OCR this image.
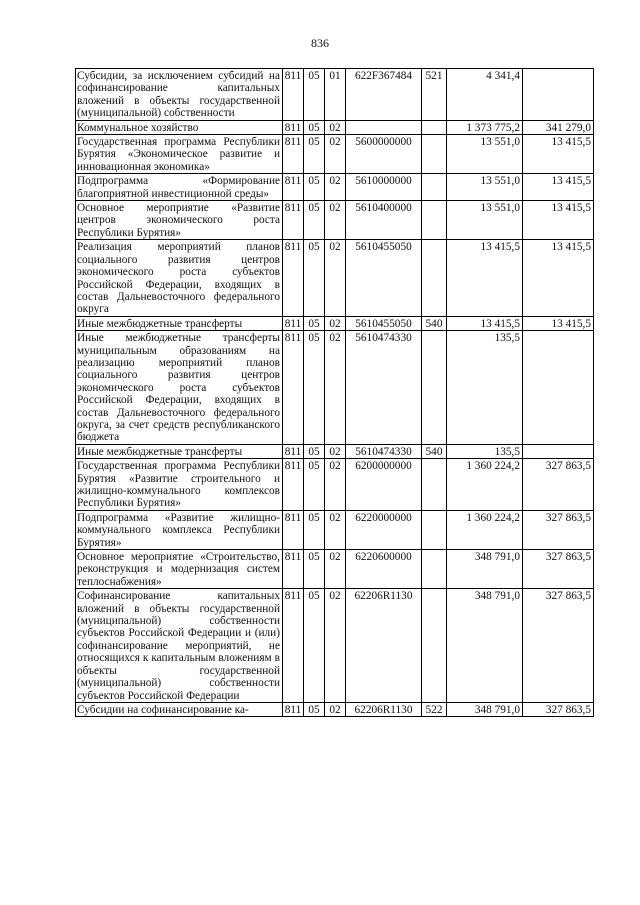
836
Субсидии, за исключением субсидий на софинансирование капитальных вложений в объекты государственной (муниципальной) собственности	811	05	01	622F367484	521	4 341,4	
Коммунальное хозяйство	811	05	02			1 373 775,2	341 279,0
Государственная программа Республики Бурятия «Экономическое развитие и инновационная экономика»	811	05	02	5600000000		13 551,0	13 415,5
Подпрограмма «Формирование благоприятной инвестиционной среды»	811	05	02	5610000000		13 551,0	13 415,5
Основное мероприятие «Развитие центров экономического роста Республики Бурятия»	811	05	02	5610400000		13 551,0	13 415,5
Реализация мероприятий планов социального развития центров экономического роста субъектов Российской Федерации, входящих в состав Дальневосточного федерального округа	811	05	02	5610455050		13 415,5	13 415,5
Иные межбюджетные трансферты	811	05	02	5610455050	540	13 415,5	13 415,5
Иные межбюджетные трансферты муниципальным образованиям на реализацию мероприятий планов социального развития центров экономического роста субъектов Российской Федерации, входящих в состав Дальневосточного федерального округа, за счет средств республиканского бюджета	811	05	02	5610474330		135,5	
Иные межбюджетные трансферты	811	05	02	5610474330	540	135,5	
Государственная программа Республики Бурятия «Развитие строительного и жилищно-коммунального комплексов Республики Бурятия»	811	05	02	6200000000		1 360 224,2	327 863,5
Подпрограмма «Развитие жилищно-коммунального комплекса Республики Бурятия»	811	05	02	6220000000		1 360 224,2	327 863,5
Основное мероприятие «Строительство, реконструкция и модернизация систем теплоснабжения»	811	05	02	6220600000		348 791,0	327 863,5
Софинансирование капитальных вложений в объекты государственной (муниципальной) собственности субъектов Российской Федерации и (или) софинансирование мероприятий, не относящихся к капитальным вложениям в объекты государственной (муниципальной) собственности субъектов Российской Федерации	811	05	02	62206R1130		348 791,0	327 863,5
Субсидии на софинансирование ка-	811	05	02	62206R1130	522	348 791,0	327 863,5
